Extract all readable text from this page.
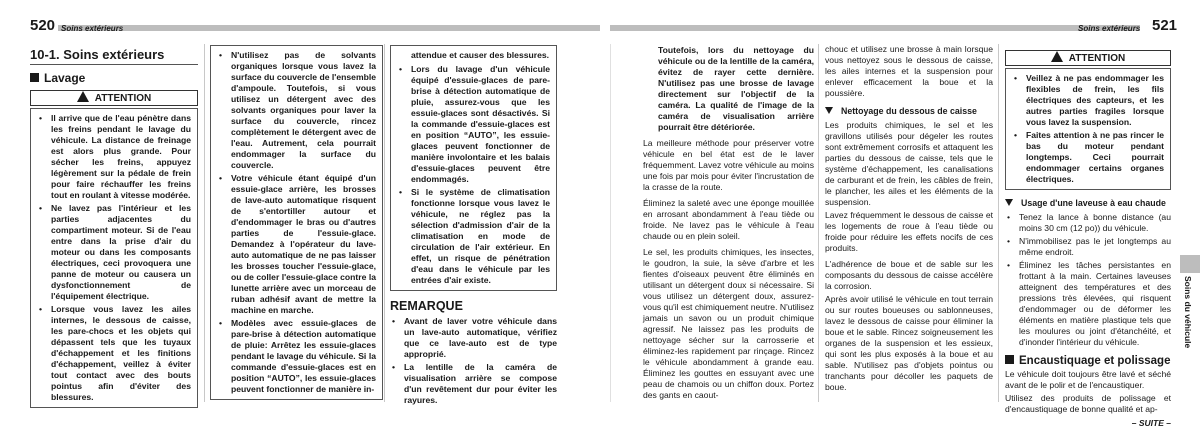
520 Soins extérieurs
10-1. Soins extérieurs
Lavage
ATTENTION
• Il arrive que de l'eau pénètre dans les freins pendant le lavage du véhicule. La distance de freinage est alors plus grande. Pour sécher les freins, appuyez légèrement sur la pédale de frein pour faire réchauffer les freins tout en roulant à vitesse modérée.
• Ne lavez pas l'intérieur et les parties adjacentes du compartiment moteur. Si de l'eau entre dans la prise d'air du moteur ou dans les composants électriques, ceci provoquera une panne de moteur ou causera un dysfonctionnement de l'équipement électrique.
• Lorsque vous lavez les ailes internes, le dessous de caisse, les pare-chocs et les objets qui dépassent tels que les tuyaux d'échappement et les finitions d'échappement, veillez à éviter tout contact avec des bouts pointus afin d'éviter des blessures.
• N'utilisez pas de solvants organiques lorsque vous lavez la surface du couvercle de l'ensemble d'ampoule. Toutefois, si vous utilisez un détergent avec des solvants organiques pour laver la surface du couvercle, rincez complètement le détergent avec de l'eau. Autrement, cela pourrait endommager la surface du couvercle.
• Votre véhicule étant équipé d'un essuie-glace arrière, les brosses de lave-auto automatique risquent de s'entortiller autour et d'endommager le bras ou d'autres parties de l'essuie-glace. Demandez à l'opérateur du lave-auto automatique de ne pas laisser les brosses toucher l'essuie-glace, ou de coller l'essuie-glace contre la lunette arrière avec un morceau de ruban adhésif avant de mettre la machine en marche.
• Modèles avec essuie-glaces de pare-brise à détection automatique de pluie: Arrêtez les essuie-glaces pendant le lavage du véhicule. Si la commande d'essuie-glaces est en position “AUTO”, les essuie-glaces peuvent fonctionner de manière in-

attendue et causer des blessures.

• Lors du lavage d'un véhicule équipé d'essuie-glaces de pare-brise à détection automatique de pluie, assurez-vous que les essuie-glaces sont désactivés. Si la commande d'essuie-glaces est en position “AUTO”, les essuie-glaces peuvent fonctionner de manière involontaire et les balais d'essuie-glaces peuvent être endommagés.
• Si le système de climatisation fonctionne lorsque vous lavez le véhicule, ne réglez pas la sélection d'admission d'air de la climatisation en mode de circulation de l'air extérieur. En effet, un risque de pénétration d'eau dans le véhicule par les entrées d'air existe.
REMARQUE
• Avant de laver votre véhicule dans un lave-auto automatique, vérifiez que ce lave-auto est de type approprié.
• La lentille de la caméra de visualisation arrière se compose d'un revêtement dur pour éviter les rayures.
Soins extérieurs 521

Toutefois, lors du nettoyage du véhicule ou de la lentille de la caméra, évitez de rayer cette dernière. N'utilisez pas une brosse de lavage directement sur l'objectif de la caméra. La qualité de l'image de la caméra de visualisation arrière pourrait être détériorée.

La meilleure méthode pour préserver votre véhicule en bel état est de le laver fréquemment. Lavez votre véhicule au moins une fois par mois pour éviter l'incrustation de la crasse de la route.

Éliminez la saleté avec une éponge mouillée en arrosant abondamment à l'eau tiède ou froide. Ne lavez pas le véhicule à l'eau chaude ou en plein soleil.

Le sel, les produits chimiques, les insectes, le goudron, la suie, la sève d'arbre et les fientes d'oiseaux peuvent être éliminés en utilisant un détergent doux si nécessaire. Si vous utilisez un détergent doux, assurez-vous qu'il est chimiquement neutre. N'utilisez jamais un savon ou un produit chimique agressif. Ne laissez pas les produits de nettoyage sécher sur la carrosserie et éliminez-les rapidement par rinçage. Rincez le véhicule abondamment à grande eau. Éliminez les gouttes en essuyant avec une peau de chamois ou un chiffon doux. Portez des gants en caout-

chouc et utilisez une brosse à main lorsque vous nettoyez sous le dessous de caisse, les ailes internes et la suspension pour enlever efficacement la boue et la poussière.

Nettoyage du dessous de caisse

Les produits chimiques, le sel et les gravillons utilisés pour dégeler les routes sont extrêmement corrosifs et attaquent les parties du dessous de caisse, tels que le système d'échappement, les canalisations de carburant et de frein, les câbles de frein, le plancher, les ailes et les éléments de la suspension.

Lavez fréquemment le dessous de caisse et les logements de roue à l'eau tiède ou froide pour réduire les effets nocifs de ces produits.

L'adhérence de boue et de sable sur les composants du dessous de caisse accélère la corrosion.

Après avoir utilisé le véhicule en tout terrain ou sur routes boueuses ou sablonneuses, lavez le dessous de caisse pour éliminer la boue et le sable. Rincez soigneusement les organes de la suspension et les essieux, qui sont les plus exposés à la boue et au sable. N'utilisez pas d'objets pointus ou tranchants pour décoller les paquets de boue.

ATTENTION
• Veillez à ne pas endommager les flexibles de frein, les fils électriques des capteurs, et les autres parties fragiles lorsque vous lavez la suspension.
• Faites attention à ne pas rincer le bas du moteur pendant longtemps. Ceci pourrait endommager certains organes électriques.
Usage d'une laveuse à eau chaude
• Tenez la lance à bonne distance (au moins 30 cm (12 po)) du véhicule.
• N'immobilisez pas le jet longtemps au même endroit.
• Éliminez les tâches persistantes en frottant à la main. Certaines laveuses atteignent des températures et des pressions très élevées, qui risquent d'endommager ou de déformer les éléments en matière plastique tels que les moulures ou joint d'étanchéité, et d'inonder l'intérieur du véhicule.
Encaustiquage et polissage

Le véhicule doit toujours être lavé et séché avant de le polir et de l'encaustiquer.

Utilisez des produits de polissage et d'encaustiquage de bonne qualité et ap-

– SUITE –
Soins du véhicule
